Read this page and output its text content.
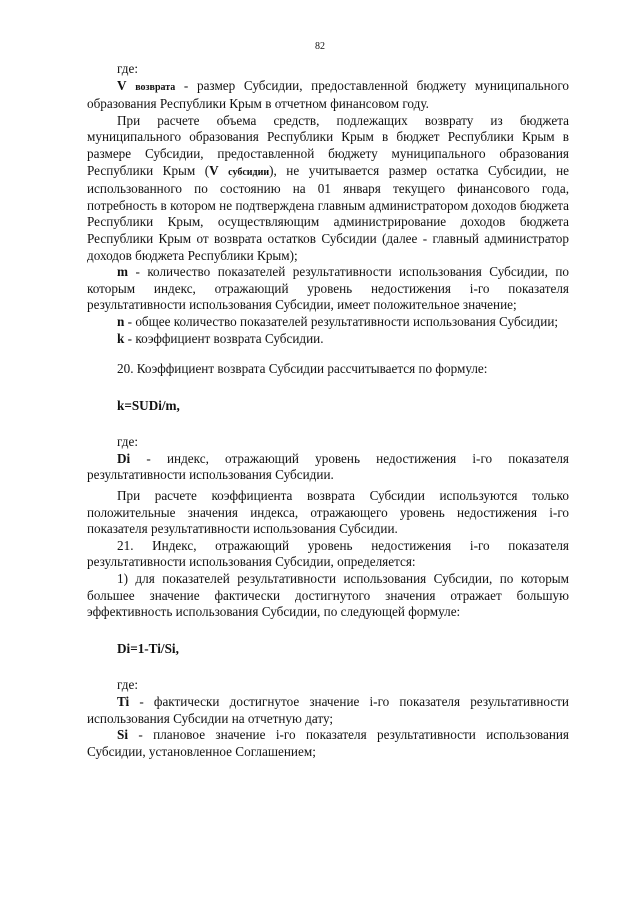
82

где:

V возврата - размер Субсидии, предоставленной бюджету муниципального образования Республики Крым в отчетном финансовом году.

При расчете объема средств, подлежащих возврату из бюджета муниципального образования Республики Крым в бюджет Республики Крым в размере Субсидии, предоставленной бюджету муниципального образования Республики Крым (V субсидии), не учитывается размер остатка Субсидии, не использованного по состоянию на 01 января текущего финансового года, потребность в котором не подтверждена главным администратором доходов бюджета Республики Крым, осуществляющим администрирование доходов бюджета Республики Крым от возврата остатков Субсидии (далее - главный администратор доходов бюджета Республики Крым);

m - количество показателей результативности использования Субсидии, по которым индекс, отражающий уровень недостижения i-го показателя результативности использования Субсидии, имеет положительное значение;

n - общее количество показателей результативности использования Субсидии;

k - коэффициент возврата Субсидии.

20. Коэффициент возврата Субсидии рассчитывается по формуле:

k=SUDi/m,

где:

Di - индекс, отражающий уровень недостижения i-го показателя результативности использования Субсидии.

При расчете коэффициента возврата Субсидии используются только положительные значения индекса, отражающего уровень недостижения i-го показателя результативности использования Субсидии.

21. Индекс, отражающий уровень недостижения i-го показателя результативности использования Субсидии, определяется:

1) для показателей результативности использования Субсидии, по которым большее значение фактически достигнутого значения отражает большую эффективность использования Субсидии, по следующей формуле:

Di=1-Ti/Si,

где:

Ti - фактически достигнутое значение i-го показателя результативности использования Субсидии на отчетную дату;

Si - плановое значение i-го показателя результативности использования Субсидии, установленное Соглашением;
